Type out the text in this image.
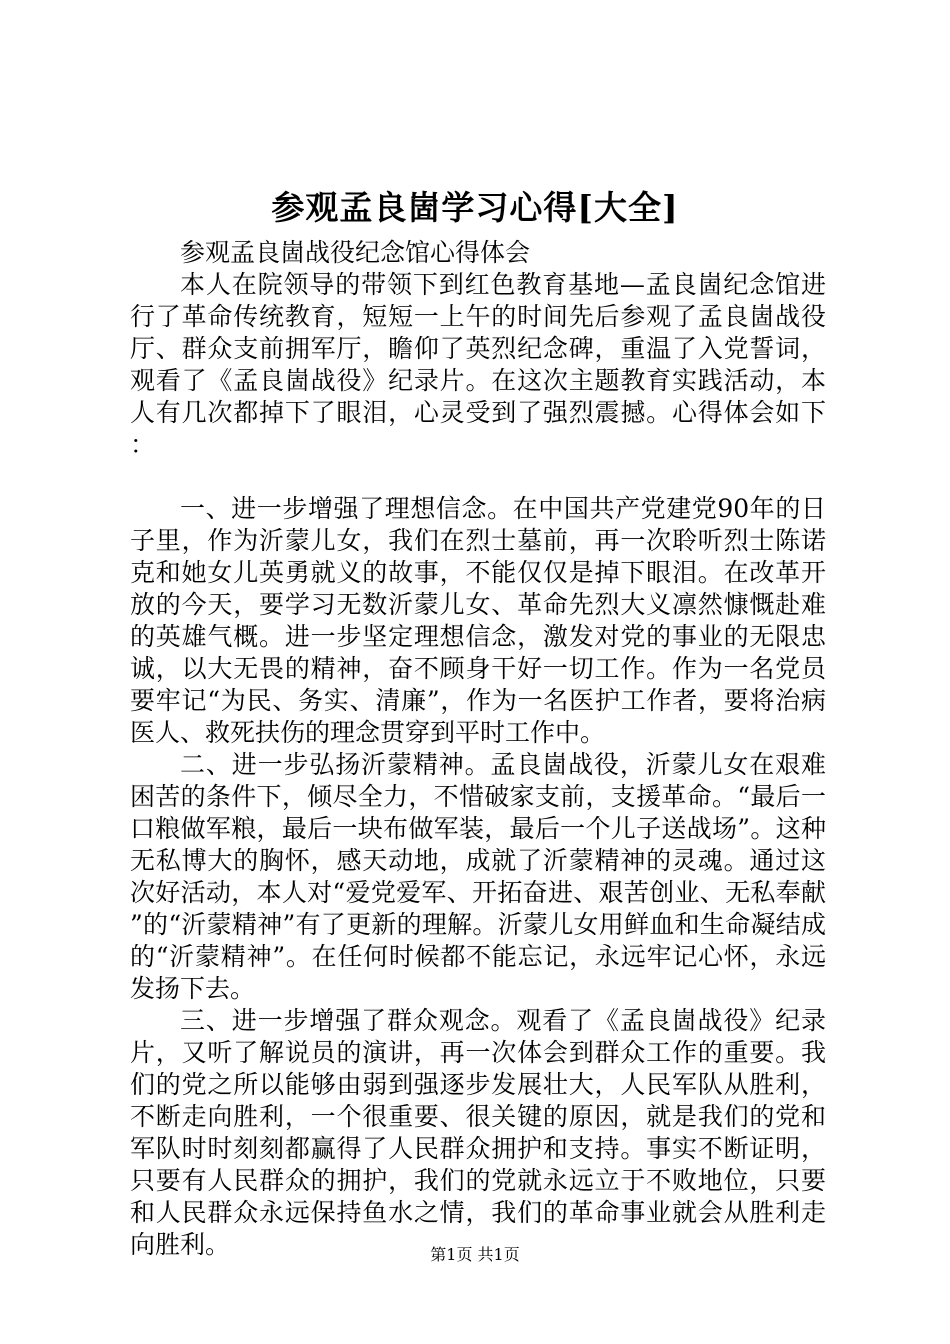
参观孟良崮学习心得[大全]

参观孟良崮战役纪念馆心得体会

本人在院领导的带领下到红色教育基地—孟良崮纪念馆进行了革命传统教育，短短一上午的时间先后参观了孟良崮战役厅、群众支前拥军厅，瞻仰了英烈纪念碑，重温了入党誓词，观看了《孟良崮战役》纪录片。在这次主题教育实践活动，本人有几次都掉下了眼泪，心灵受到了强烈震撼。心得体会如下：

一、进一步增强了理想信念。在中国共产党建党90年的日子里，作为沂蒙儿女，我们在烈士墓前，再一次聆听烈士陈诺克和她女儿英勇就义的故事，不能仅仅是掉下眼泪。在改革开放的今天，要学习无数沂蒙儿女、革命先烈大义凛然慷慨赴难的英雄气概。进一步坚定理想信念，激发对党的事业的无限忠诚，以大无畏的精神，奋不顾身干好一切工作。作为一名党员要牢记“为民、务实、清廉”，作为一名医护工作者，要将治病医人、救死扶伤的理念贯穿到平时工作中。

二、进一步弘扬沂蒙精神。孟良崮战役，沂蒙儿女在艰难困苦的条件下，倾尽全力，不惜破家支前，支援革命。“最后一口粮做军粮，最后一块布做军装，最后一个儿子送战场”。这种无私博大的胸怀，感天动地，成就了沂蒙精神的灵魂。通过这次好活动，本人对“爱党爱军、开拓奋进、艰苦创业、无私奉献”的“沂蒙精神”有了更新的理解。沂蒙儿女用鲜血和生命凝结成的“沂蒙精神”。在任何时候都不能忘记，永远牢记心怀，永远发扬下去。

三、进一步增强了群众观念。观看了《孟良崮战役》纪录片，又听了解说员的演讲，再一次体会到群众工作的重要。我们的党之所以能够由弱到强逐步发展壮大，人民军队从胜利，不断走向胜利，一个很重要、很关键的原因，就是我们的党和军队时时刻刻都赢得了人民群众拥护和支持。事实不断证明，只要有人民群众的拥护，我们的党就永远立于不败地位，只要和人民群众永远保持鱼水之情，我们的革命事业就会从胜利走向胜利。	第1页 共1页
